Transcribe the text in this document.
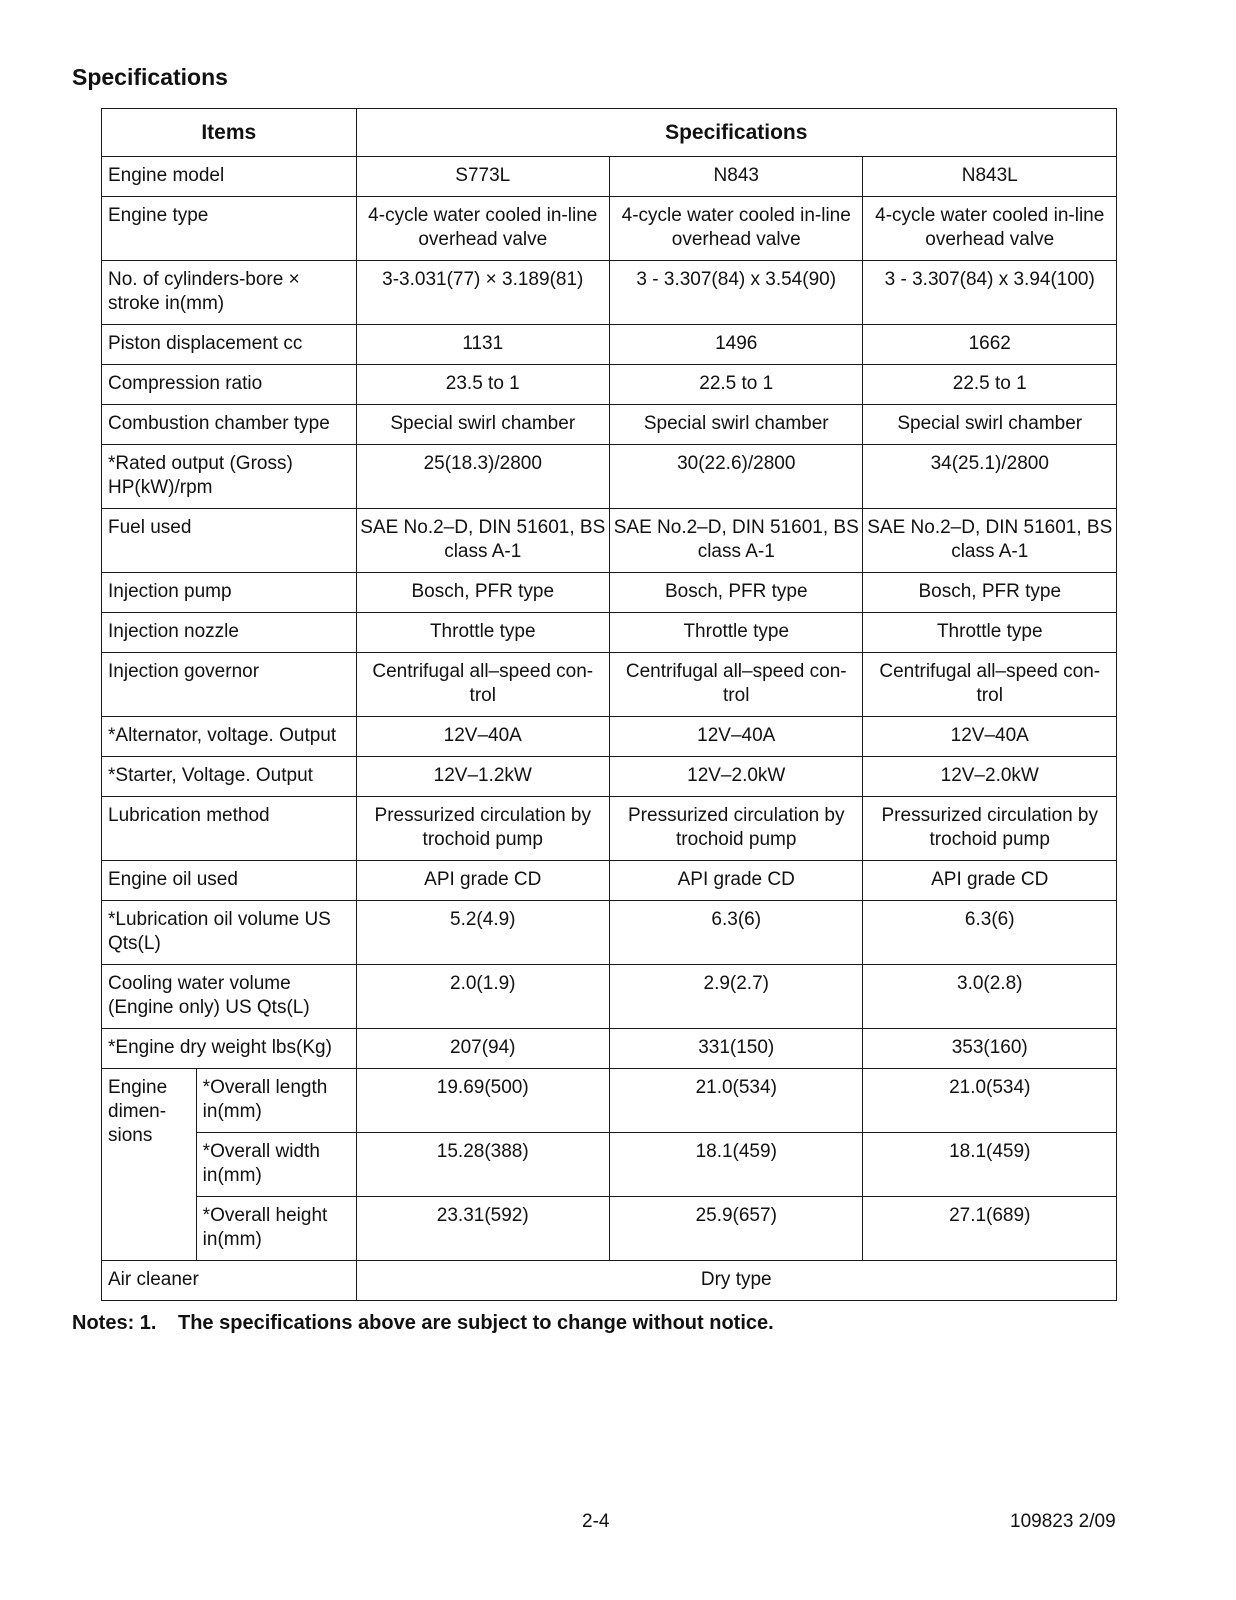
Specifications
Items		Specifications		
Engine model		S773L	N843	N843L
Engine type		4-cycle water cooled in-line overhead valve	4-cycle water cooled in-line overhead valve	4-cycle water cooled in-line overhead valve
No. of cylinders-bore × stroke in(mm)		3-3.031(77) × 3.189(81)	3 - 3.307(84) x 3.54(90)	3 - 3.307(84) x 3.94(100)
Piston displacement cc		1131	1496	1662
Compression ratio		23.5 to 1	22.5 to 1	22.5 to 1
Combustion chamber type		Special swirl chamber	Special swirl chamber	Special swirl chamber
*Rated output (Gross) HP(kW)/rpm		25(18.3)/2800	30(22.6)/2800	34(25.1)/2800
Fuel used		SAE No.2–D, DIN 51601, BS class A-1	SAE No.2–D, DIN 51601, BS class A-1	SAE No.2–D, DIN 51601, BS class A-1
Injection pump		Bosch, PFR type	Bosch, PFR type	Bosch, PFR type
Injection nozzle		Throttle type	Throttle type	Throttle type
Injection governor		Centrifugal all–speed con-trol	Centrifugal all–speed con-trol	Centrifugal all–speed con-trol
*Alternator, voltage. Output		12V–40A	12V–40A	12V–40A
*Starter, Voltage. Output		12V–1.2kW	12V–2.0kW	12V–2.0kW
Lubrication method		Pressurized circulation by trochoid pump	Pressurized circulation by trochoid pump	Pressurized circulation by trochoid pump
Engine oil used		API grade CD	API grade CD	API grade CD
*Lubrication oil volume US Qts(L)		5.2(4.9)	6.3(6)	6.3(6)
Cooling water volume (Engine only) US Qts(L)		2.0(1.9)	2.9(2.7)	3.0(2.8)
*Engine dry weight lbs(Kg)		207(94)	331(150)	353(160)
Engine dimen-sions	*Overall length in(mm)	19.69(500)	21.0(534)	21.0(534)
	*Overall width in(mm)	15.28(388)	18.1(459)	18.1(459)
	*Overall height in(mm)	23.31(592)	25.9(657)	27.1(689)
Air cleaner		Dry type		
Notes: 1.	The specifications above are subject to change without notice.
2-4	109823 2/09
